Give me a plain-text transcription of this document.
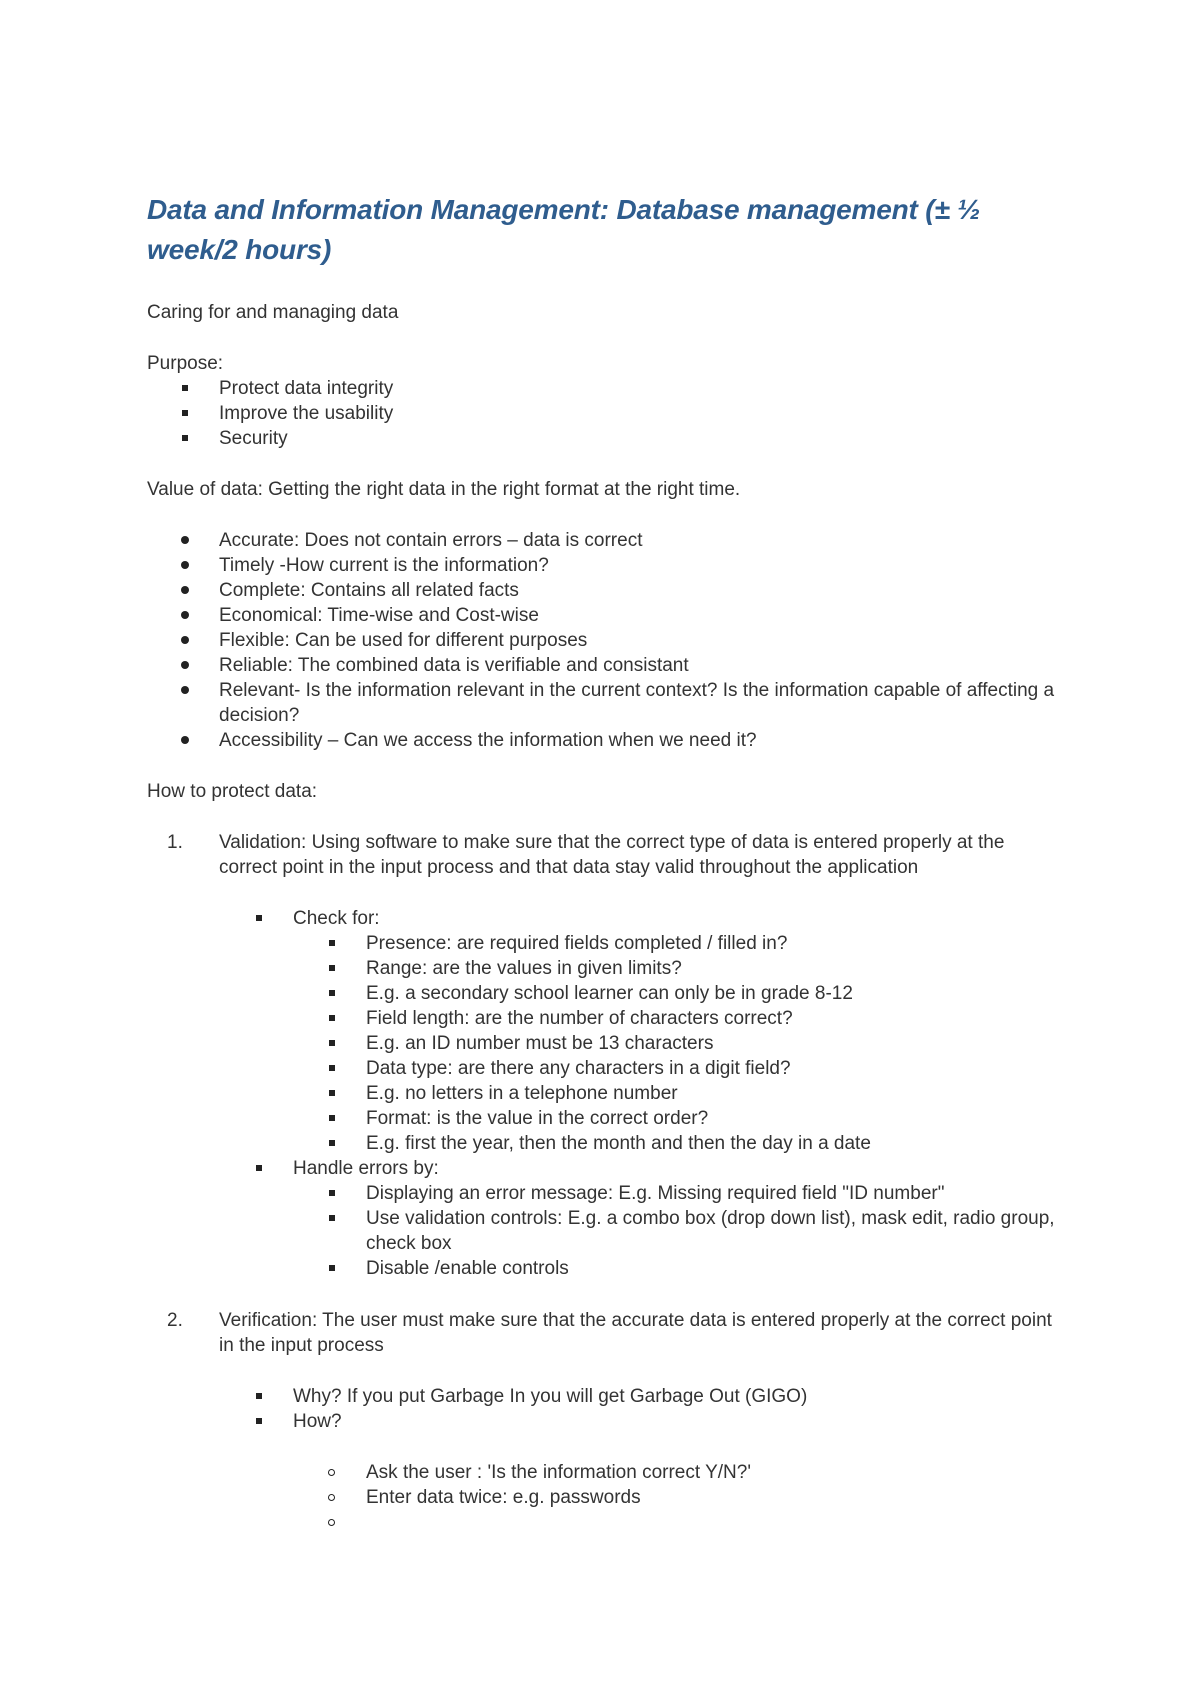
Data and Information Management: Database management (± ½ week/2 hours)

Caring for and managing data

Purpose:

Protect data integrity
Improve the usability
Security

Value of data: Getting the right data in the right format at the right time.

Accurate: Does not contain errors – data is correct
Timely -How current is the information?
Complete: Contains all related facts
Economical: Time-wise and Cost-wise
Flexible: Can be used for different purposes
Reliable: The combined data is verifiable and consistant
Relevant- Is the information relevant in the current context? Is the information capable of affecting a decision?
Accessibility – Can we access the information when we need it?

How to protect data:

1.	Validation: Using software to make sure that the correct type of data is entered properly at the correct point in the input process and that data stay valid throughout the application
Check for:
Presence: are required fields completed / filled in?
Range: are the values in given limits?
E.g. a secondary school learner can only be in grade 8-12
Field length: are the number of characters correct?
E.g. an ID number must be 13 characters
Data type: are there any characters in a digit field?
E.g. no letters in a telephone number
Format: is the value in the correct order?
E.g. first the year, then the month and then the day in a date
Handle errors by:
Displaying an error message: E.g. Missing required field "ID number"
Use validation controls: E.g. a combo box (drop down list), mask edit, radio group, check box
Disable /enable controls
2.	Verification: The user must make sure that the accurate data is entered properly at the correct point in the input process
Why? If you put Garbage In you will get Garbage Out (GIGO)
How?
Ask the user : 'Is the information correct Y/N?'
Enter data twice: e.g. passwords
